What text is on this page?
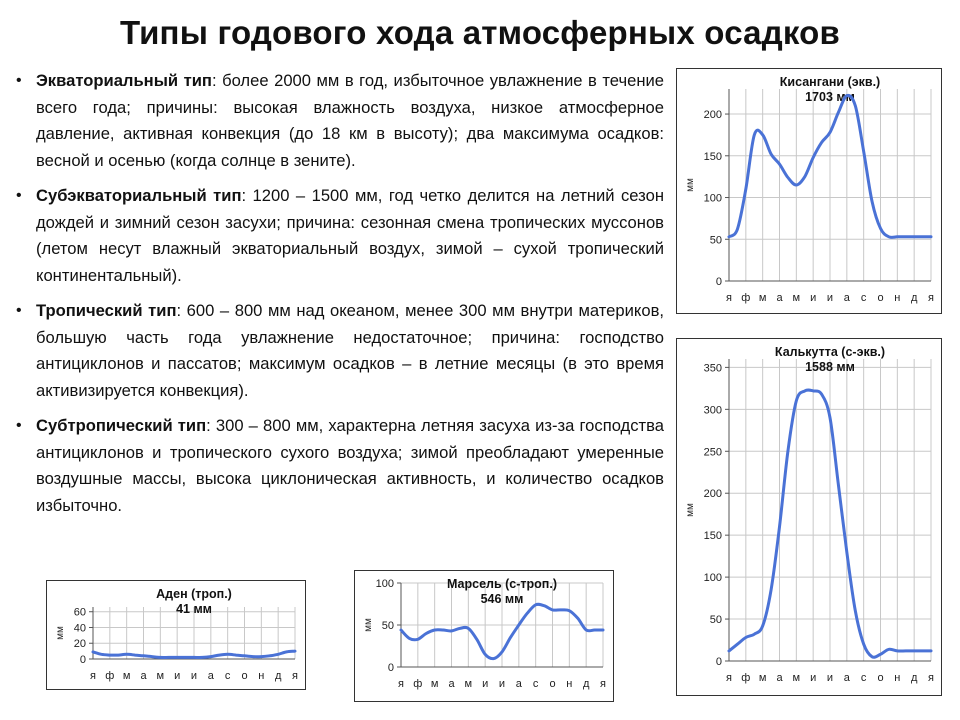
Типы годового хода атмосферных осадков
• Экваториальный тип: более 2000 мм в год, избыточное увлажнение в течение всего года; причины: высокая влажность воздуха, низкое атмосферное давление, активная конвекция (до 18 км в высоту); два максимума осадков: весной и осенью (когда солнце в зените).
• Субэкваториальный тип: 1200 – 1500 мм, год четко делится на летний сезон дождей и зимний сезон засухи; причина: сезонная смена тропических муссонов (летом несут влажный экваториальный воздух, зимой – сухой тропический континентальный).
• Тропический тип: 600 – 800 мм над океаном, менее 300 мм внутри материков, большую часть года увлажнение недостаточное; причина: господство антициклонов и пассатов; максимум осадков – в летние месяцы (в это время активизируется конвекция).
• Субтропический тип: 300 – 800 мм, характерна летняя засуха из-за господства антициклонов и тропического сухого воздуха; зимой преобладают умеренные воздушные массы, высока циклоническая активность, и количество осадков избыточно.
0
50
100
150
200
я ф м а м и и а с о н д я
мм
Кисангани (экв.)
1703 мм
0
50
100
150
200
250
300
350
я ф м а м и и а с о н д я
мм
Калькутта (с-экв.)
1588 мм
0
20
40
60
я ф м а м и и а с о н д я
мм
Аден (троп.)
41 мм
0
50
100
я ф м а м и и а с о н д я
мм
Марсель (с-троп.)
546 мм
